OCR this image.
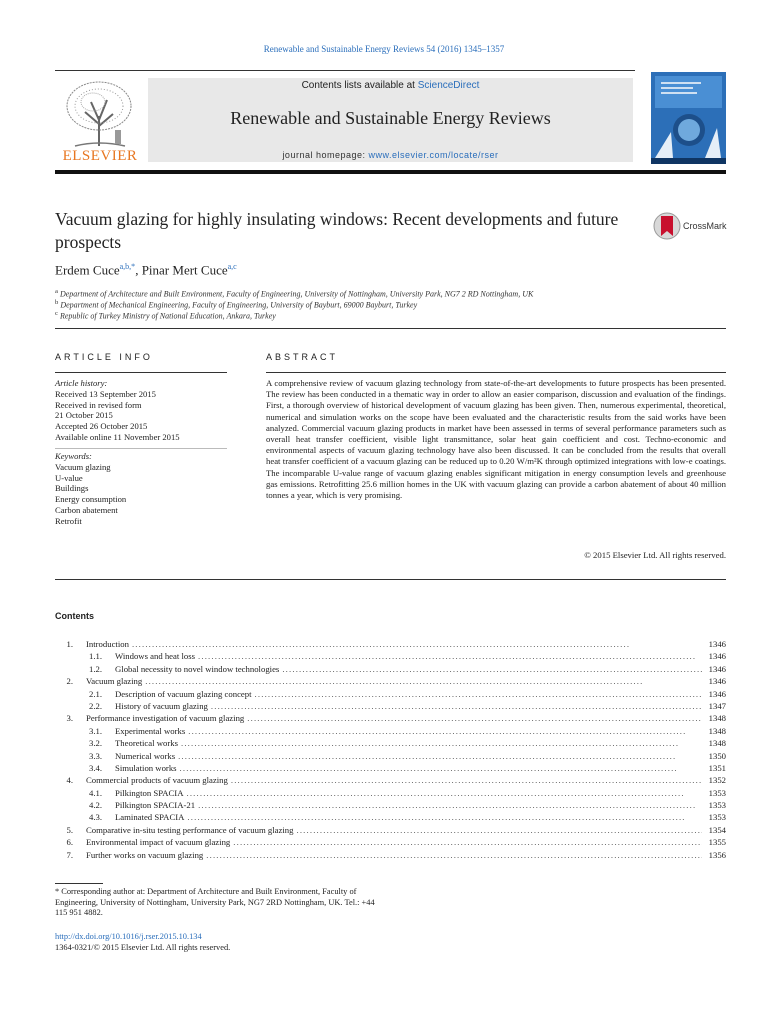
Renewable and Sustainable Energy Reviews 54 (2016) 1345–1357
ELSEVIER
Contents lists available at ScienceDirect
Renewable and Sustainable Energy Reviews
journal homepage: www.elsevier.com/locate/rser
Vacuum glazing for highly insulating windows: Recent developments and future prospects
CrossMark
Erdem Cuce$^{a,b,*}$, Pinar Mert Cuce$^{a,c}$
$^a$ Department of Architecture and Built Environment, Faculty of Engineering, University of Nottingham, University Park, NG7 2 RD Nottingham, UK
$^b$ Department of Mechanical Engineering, Faculty of Engineering, University of Bayburt, 69000 Bayburt, Turkey
$^c$ Republic of Turkey Ministry of National Education, Ankara, Turkey
ARTICLE INFO
Article history:
Received 13 September 2015
Received in revised form
21 October 2015
Accepted 26 October 2015
Available online 11 November 2015
Keywords:
Vacuum glazing
U-value
Buildings
Energy consumption
Carbon abatement
Retrofit
ABSTRACT
A comprehensive review of vacuum glazing technology from state-of-the-art developments to future prospects has been presented. The review has been conducted in a thematic way in order to allow an easier comparison, discussion and evaluation of the findings. First, a thorough overview of historical development of vacuum glazing has been given. Then, numerous experimental, theoretical, numerical and simulation works on the scope have been evaluated and the characteristic results from the said works have been analyzed. Commercial vacuum glazing products in market have been assessed in terms of several performance parameters such as overall heat transfer coefficient, visible light transmittance, solar heat gain coefficient and cost. Techno-economic and environmental aspects of vacuum glazing technology have also been discussed. It can be concluded from the results that overall heat transfer coefficient of a vacuum glazing can be reduced up to 0.20 W/m²K through optimized integrations with low-e coatings. The incomparable U-value range of vacuum glazing enables significant mitigation in energy consumption levels and greenhouse gas emissions. Retrofitting 25.6 million homes in the UK with vacuum glazing can provide a carbon abatement of about 40 million tonnes a year, which is very promising.
© 2015 Elsevier Ltd. All rights reserved.
Contents
1.	Introduction . . .	1346
1.1.	Windows and heat loss . . .	1346
1.2.	Global necessity to novel window technologies . . .	1346
2.	Vacuum glazing . . .	1346
2.1.	Description of vacuum glazing concept . . .	1346
2.2.	History of vacuum glazing . . .	1347
3.	Performance investigation of vacuum glazing . . .	1348
3.1.	Experimental works . . .	1348
3.2.	Theoretical works . . .	1348
3.3.	Numerical works . . .	1350
3.4.	Simulation works . . .	1351
4.	Commercial products of vacuum glazing . . .	1352
4.1.	Pilkington SPACIA . . .	1353
4.2.	Pilkington SPACIA-21 . . .	1353
4.3.	Laminated SPACIA . . .	1353
5.	Comparative in-situ testing performance of vacuum glazing . . .	1354
6.	Environmental impact of vacuum glazing . . .	1355
7.	Further works on vacuum glazing . . .	1356
* Corresponding author at: Department of Architecture and Built Environment, Faculty of Engineering, University of Nottingham, University Park, NG7 2RD Nottingham, UK. Tel.: +44 115 951 4882.
http://dx.doi.org/10.1016/j.rser.2015.10.134
1364-0321/© 2015 Elsevier Ltd. All rights reserved.
